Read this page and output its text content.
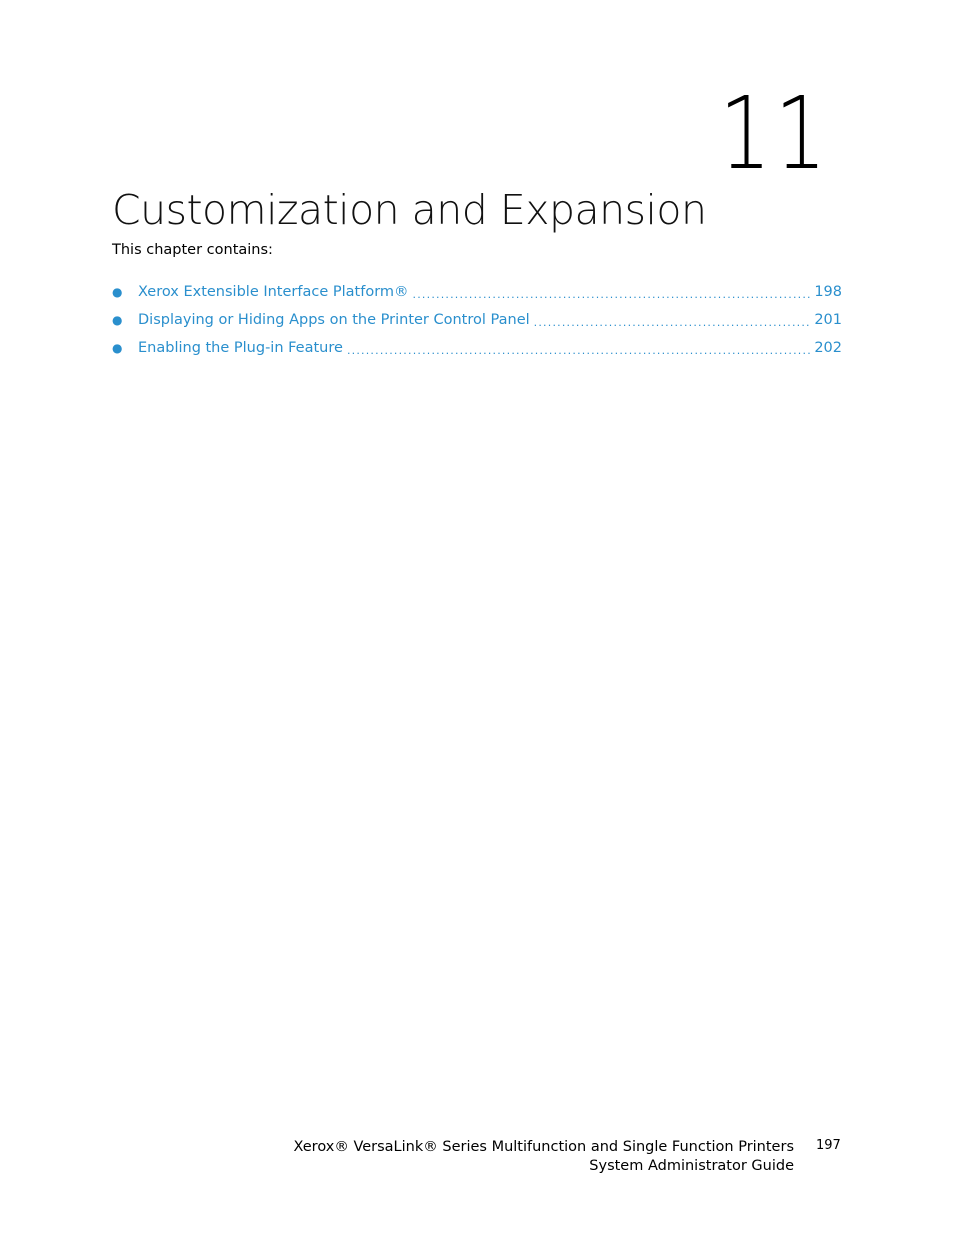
11
Customization and Expansion

This chapter contains:

●	Xerox Extensible Interface Platform® .....	198
●	Displaying or Hiding Apps on the Printer Control Panel .....	201
●	Enabling the Plug-in Feature .....	202
Xerox® VersaLink® Series Multifunction and Single Function Printers
System Administrator Guide
197
